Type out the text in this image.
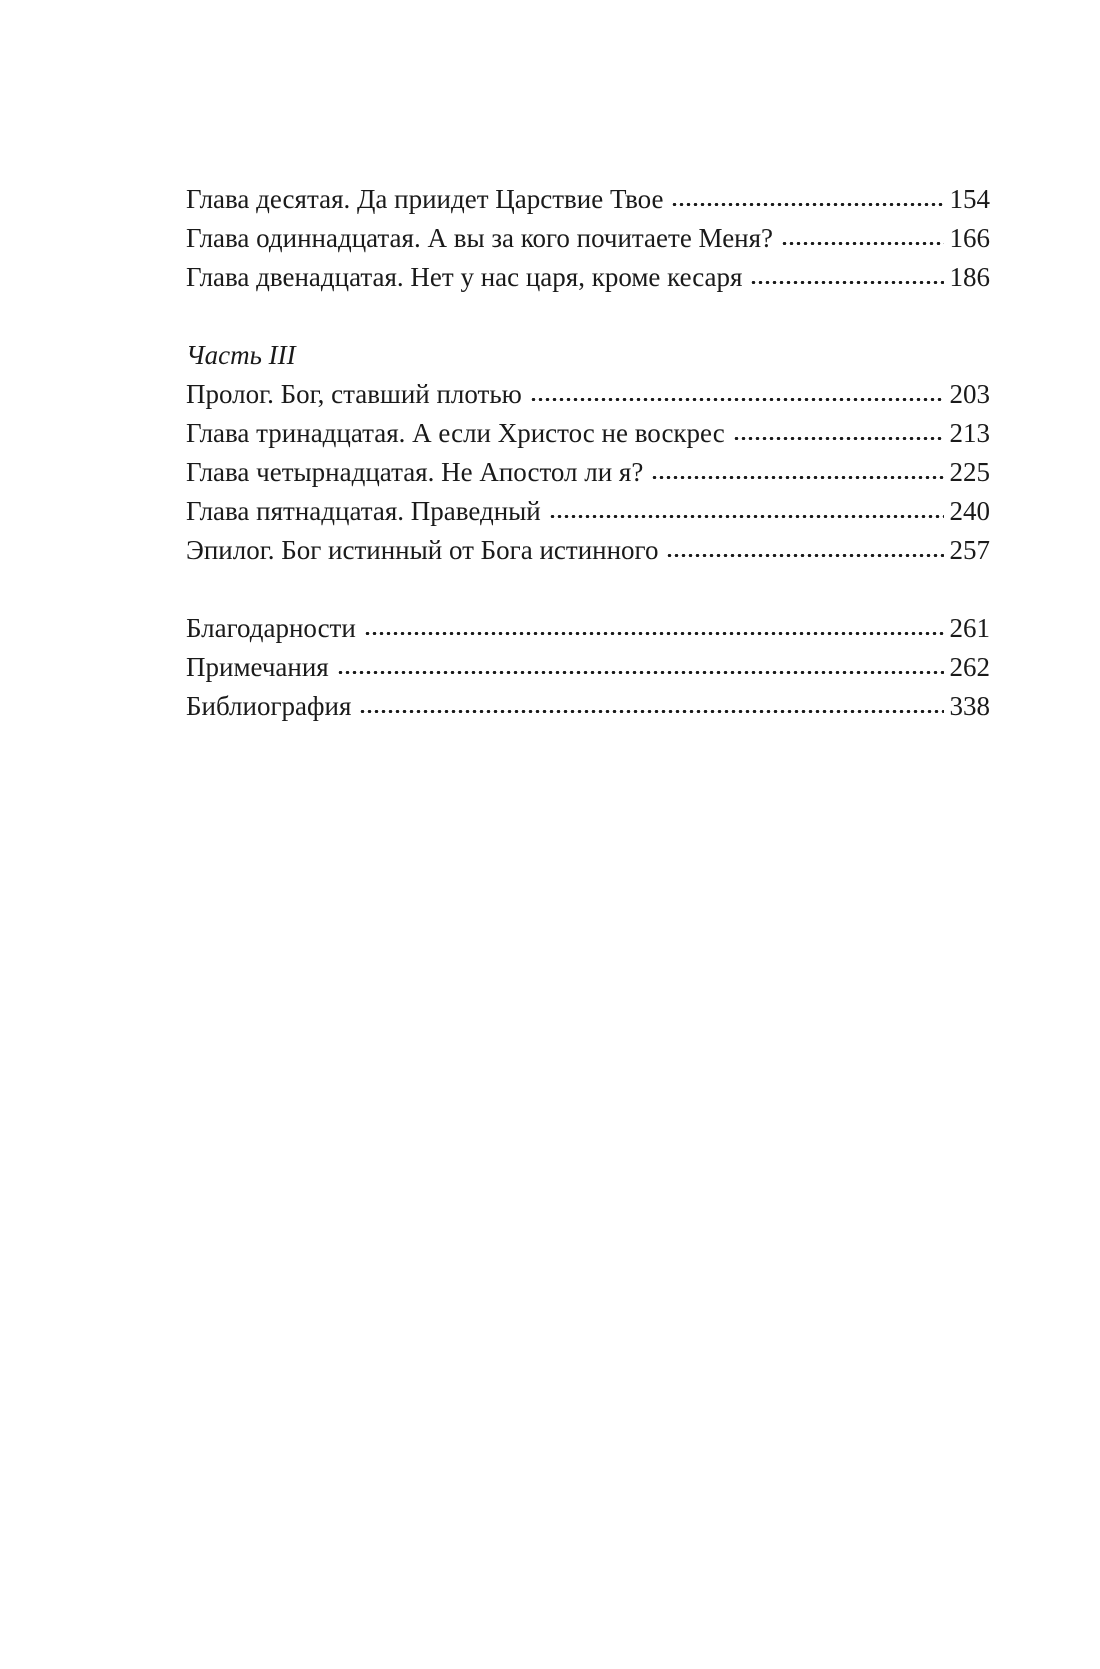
Глава десятая. Да приидет Царствие Твое	154
Глава одиннадцатая. А вы за кого почитаете Меня?	166
Глава двенадцатая. Нет у нас царя, кроме кесаря	186
Часть III
Пролог. Бог, ставший плотью	203
Глава тринадцатая. А если Христос не воскрес	213
Глава четырнадцатая. Не Апостол ли я?	225
Глава пятнадцатая. Праведный	240
Эпилог. Бог истинный от Бога истинного	257
Благодарности	261
Примечания	262
Библиография	338
